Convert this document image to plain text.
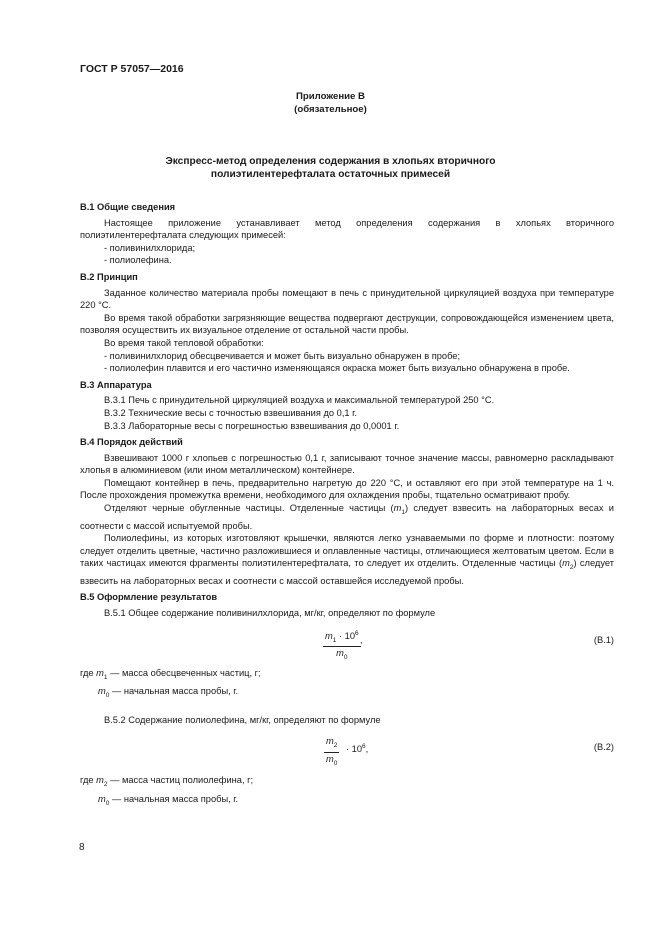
ГОСТ Р 57057—2016
Приложение В
(обязательное)
Экспресс-метод определения содержания в хлопьях вторичного
полиэтилентерефталата остаточных примесей

В.1 Общие сведения

Настоящее приложение устанавливает метод определения содержания в хлопьях вторичного полиэтилентерефталата следующих примесей:

- поливинилхлорида;

- полиолефина.

В.2 Принцип

Заданное количество материала пробы помещают в печь с принудительной циркуляцией воздуха при температуре 220 °С.

Во время такой обработки загрязняющие вещества подвергают деструкции, сопровождающейся изменением цвета, позволяя осуществить их визуальное отделение от остальной части пробы.

Во время такой тепловой обработки:

- поливинилхлорид обесцвечивается и может быть визуально обнаружен в пробе;

- полиолефин плавится и его частично изменяющаяся окраска может быть визуально обнаружена в пробе.

В.3 Аппаратура

В.3.1 Печь с принудительной циркуляцией воздуха и максимальной температурой 250 °С.

В.3.2 Технические весы с точностью взвешивания до 0,1 г.

В.3.3 Лабораторные весы с погрешностью взвешивания до 0,0001 г.

В.4 Порядок действий

Взвешивают 1000 г хлопьев с погрешностью 0,1 г, записывают точное значение массы, равномерно раскладывают хлопья в алюминиевом (или ином металлическом) контейнере.

Помещают контейнер в печь, предварительно нагретую до 220 °С, и оставляют его при этой температуре на 1 ч. После прохождения промежутка времени, необходимого для охлаждения пробы, тщательно осматривают пробу.

Отделяют черные обугленные частицы. Отделенные частицы $(m_1)$ следует взвесить на лабораторных весах и соотнести с массой испытуемой пробы.

Полиолефины, из которых изготовляют крышечки, являются легко узнаваемыми по форме и плотности: поэтому следует отделить цветные, частично разложившиеся и оплавленные частицы, отличающиеся желтоватым цветом. Если в таких частицах имеются фрагменты полиэтилентерефталата, то следует их отделить. Отделенные частицы $(m_2)$ следует взвесить на лабораторных весах и соотнести с массой оставшейся исследуемой пробы.

В.5 Оформление результатов

В.5.1 Общее содержание поливинилхлорида, мг/кг, определяют по формуле

$\frac{m_1 \cdot 10^6}{m_0}$ ,	(В.1)

где $m_1$ — масса обесцвеченных частиц, г;

$m_0$ — начальная масса пробы, г.

В.5.2 Содержание полиолефина, мг/кг, определяют по формуле

$\frac{m_2}{m_0} \cdot 10^6$,	(В.2)

где $m_2$ — масса частиц полиолефина, г;

$m_0$ — начальная масса пробы, г.

8
